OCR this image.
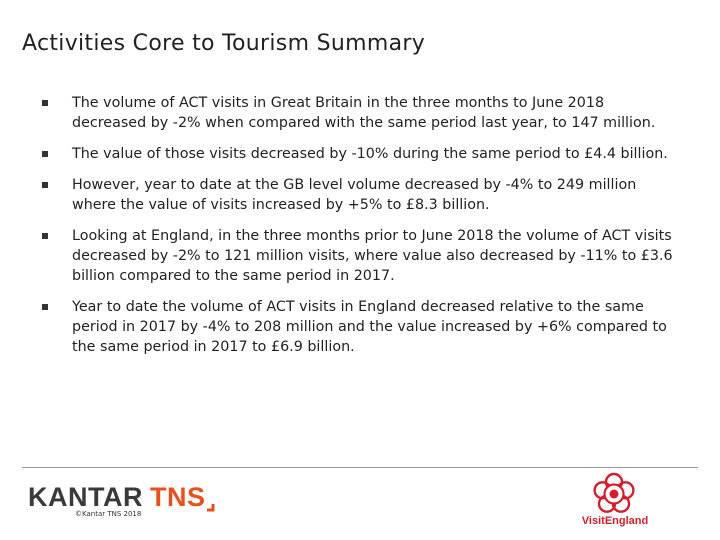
Activities Core to Tourism Summary
The volume of ACT visits in Great Britain in the three months to June 2018 decreased by -2% when compared with the same period last year, to 147 million.
The value of those visits decreased by -10% during the same period to £4.4 billion.
However, year to date at the GB level volume decreased by -4% to 249 million where the value of visits increased by +5% to £8.3 billion.
Looking at England, in the three months prior to June 2018 the volume of ACT visits decreased by -2% to 121 million visits, where value also decreased by -11% to £3.6 billion compared to the same period in 2017.
Year to date the volume of ACT visits in England decreased relative to the same period in 2017 by -4% to 208 million and the value increased by +6% compared to the same period in 2017 to £6.9 billion.
KANTAR TNS
©Kantar TNS 2018
VisitEngland
